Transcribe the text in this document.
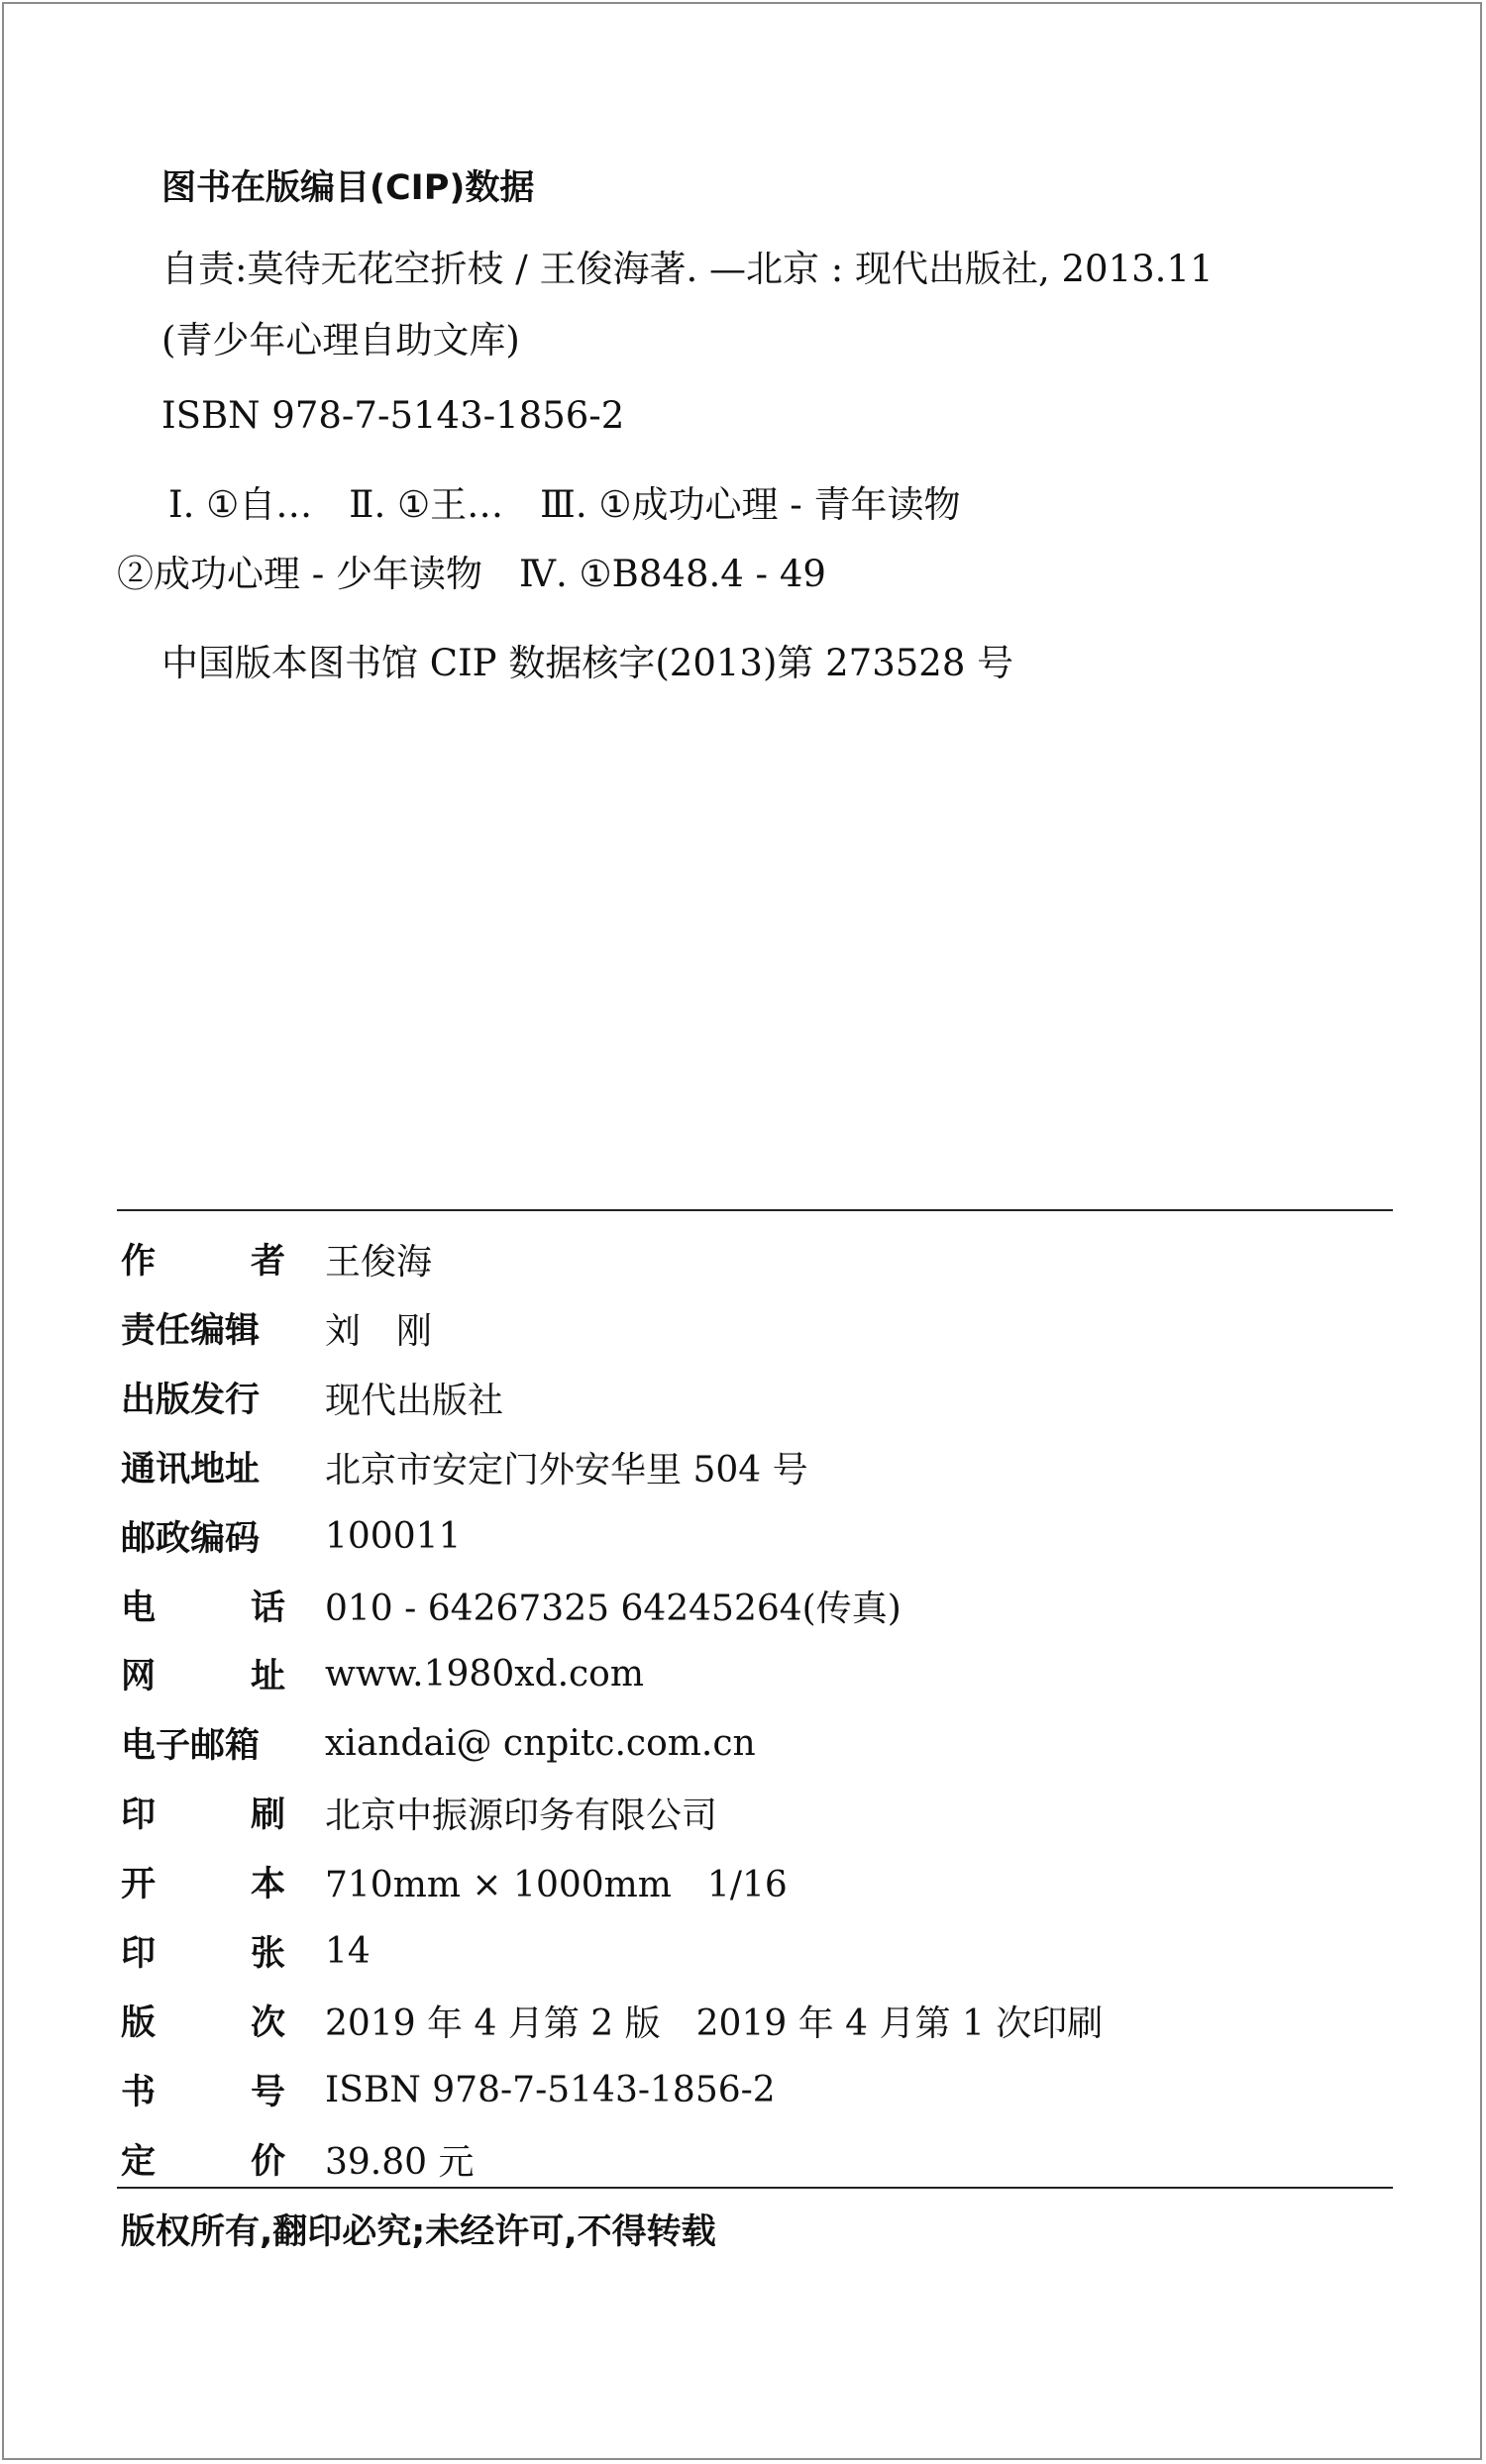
图书在版编目(CIP)数据
自责:莫待无花空折枝 / 王俊海著. —北京 : 现代出版社, 2013.11
(青少年心理自助文库)
ISBN 978-7-5143-1856-2
Ⅰ. ①自…　Ⅱ. ①王…　Ⅲ. ①成功心理 - 青年读物
②成功心理 - 少年读物　Ⅳ. ①B848.4 - 49
中国版本图书馆 CIP 数据核字(2013)第 273528 号
作	者 王俊海
责任编辑 刘　刚
出版发行 现代出版社
通讯地址 北京市安定门外安华里 504 号
邮政编码 100011
电	话 010 - 64267325 64245264(传真)
网	址 www.1980xd.com
电子邮箱 xiandai@ cnpitc.com.cn
印	刷 北京中振源印务有限公司
开	本 710mm × 1000mm　1/16
印	张 14
版	次 2019 年 4 月第 2 版　2019 年 4 月第 1 次印刷
书	号 ISBN 978-7-5143-1856-2
定	价 39.80 元
版权所有,翻印必究;未经许可,不得转载
